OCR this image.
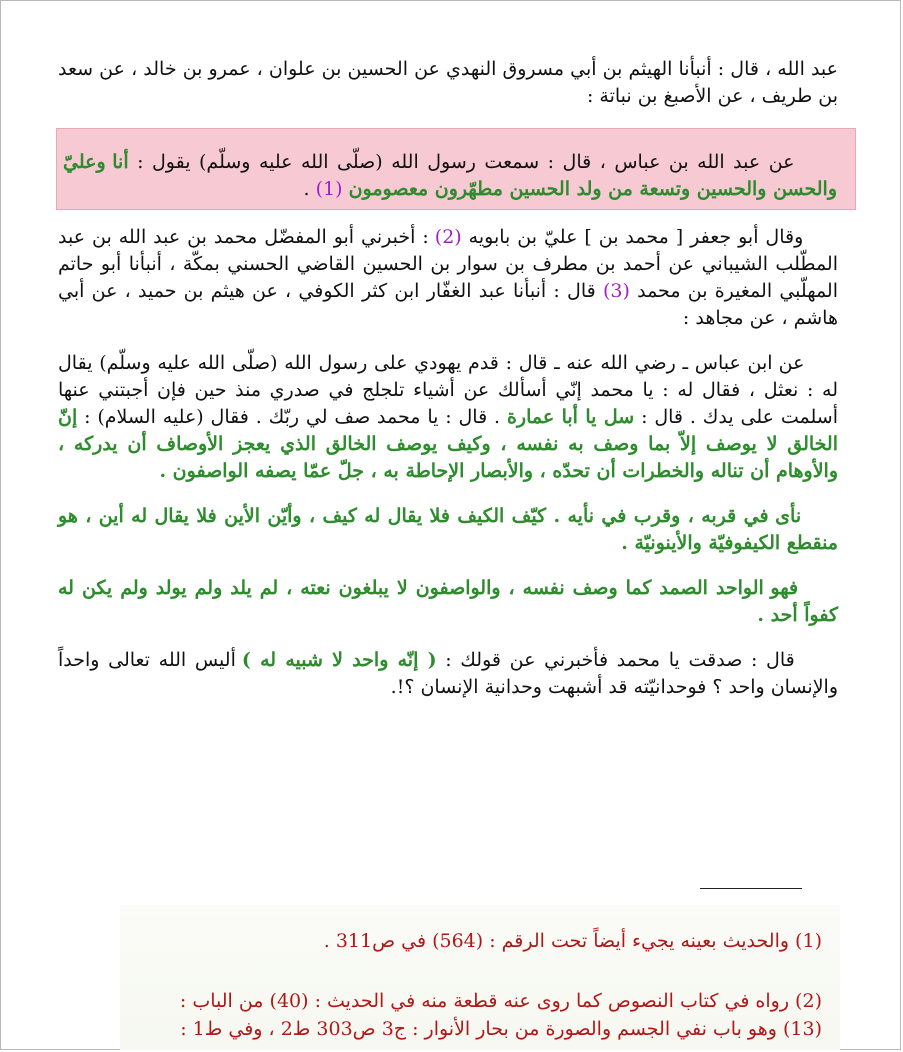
عبد الله ، قال : أنبأنا الهيثم بن أبي مسروق النهدي عن الحسين بن علوان ، عمرو بن خالد ، عن سعد بن طريف ، عن الأصبغ بن نباتة :

عن عبد الله بن عباس ، قال : سمعت رسول الله (صلّى الله عليه وسلّم) يقول : أنا وعليّ والحسن والحسين وتسعة من ولد الحسين مطهّرون معصومون (1) .

وقال أبو جعفر [ محمد بن ] عليّ بن بابويه (2) : أخبرني أبو المفضّل محمد بن عبد الله بن عبد المطّلب الشيباني عن أحمد بن مطرف بن سوار بن الحسين القاضي الحسني بمكّة ، أنبأنا أبو حاتم المهلّبي المغيرة بن محمد (3) قال : أنبأنا عبد الغفّار ابن كثر الكوفي ، عن هيثم بن حميد ، عن أبي هاشم ، عن مجاهد :

عن ابن عباس ـ رضي الله عنه ـ قال : قدم يهودي على رسول الله (صلّى الله عليه وسلّم) يقال له : نعثل ، فقال له : يا محمد إنّي أسألك عن أشياء تلجلج في صدري منذ حين فإن أجبتني عنها أسلمت على يدك . قال : سل يا أبا عمارة . قال : يا محمد صف لي ربّك . فقال (عليه السلام) : إنّ الخالق لا يوصف إلاّ بما وصف به نفسه ، وكيف يوصف الخالق الذي يعجز الأوصاف أن يدركه ، والأوهام أن تناله والخطرات أن تحدّه ، والأبصار الإحاطة به ، جلّ عمّا يصفه الواصفون .

نأى في قربه ، وقرب في نأيه . كيّف الكيف فلا يقال له كيف ، وأيّن الأين فلا يقال له أين ، هو منقطع الكيفوفيّة والأينونيّة .

فهو الواحد الصمد كما وصف نفسه ، والواصفون لا يبلغون نعته ، لم يلد ولم يولد ولم يكن له كفواً أحد .

قال : صدقت يا محمد فأخبرني عن قولك : ( إنّه واحد لا شبيه له ) أليس الله تعالى واحداً والإنسان واحد ؟ فوحدانيّته قد أشبهت وحدانية الإنسان ؟!.

(1) والحديث بعينه يجيء أيضاً تحت الرقم : (564) في ص311 .
(2) رواه في كتاب النصوص كما روى عنه قطعة منه في الحديث : (40) من الباب :
(13) وهو باب نفي الجسم والصورة من بحار الأنوار : ج3 ص303 ط2 ، وفي ط1 :
